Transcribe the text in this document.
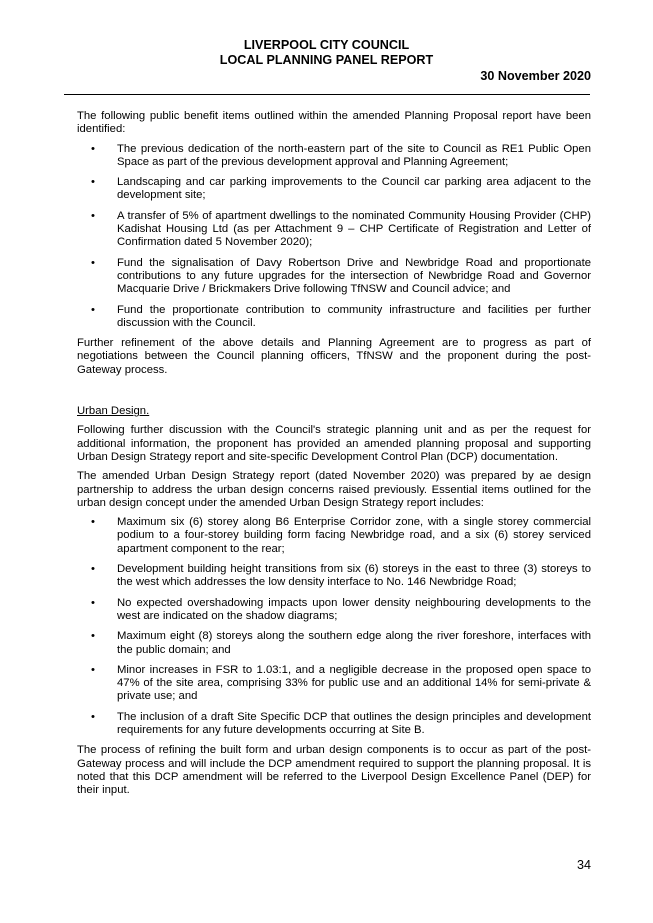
LIVERPOOL CITY COUNCIL
LOCAL PLANNING PANEL REPORT
30 November 2020

The following public benefit items outlined within the amended Planning Proposal report have been identified:

• The previous dedication of the north-eastern part of the site to Council as RE1 Public Open Space as part of the previous development approval and Planning Agreement;
• Landscaping and car parking improvements to the Council car parking area adjacent to the development site;
• A transfer of 5% of apartment dwellings to the nominated Community Housing Provider (CHP) Kadishat Housing Ltd (as per Attachment 9 – CHP Certificate of Registration and Letter of Confirmation dated 5 November 2020);
• Fund the signalisation of Davy Robertson Drive and Newbridge Road and proportionate contributions to any future upgrades for the intersection of Newbridge Road and Governor Macquarie Drive / Brickmakers Drive following TfNSW and Council advice; and
• Fund the proportionate contribution to community infrastructure and facilities per further discussion with the Council.

Further refinement of the above details and Planning Agreement are to progress as part of negotiations between the Council planning officers, TfNSW and the proponent during the post-Gateway process.

Urban Design.

Following further discussion with the Council's strategic planning unit and as per the request for additional information, the proponent has provided an amended planning proposal and supporting Urban Design Strategy report and site-specific Development Control Plan (DCP) documentation.

The amended Urban Design Strategy report (dated November 2020) was prepared by ae design partnership to address the urban design concerns raised previously. Essential items outlined for the urban design concept under the amended Urban Design Strategy report includes:

• Maximum six (6) storey along B6 Enterprise Corridor zone, with a single storey commercial podium to a four-storey building form facing Newbridge road, and a six (6) storey serviced apartment component to the rear;
• Development building height transitions from six (6) storeys in the east to three (3) storeys to the west which addresses the low density interface to No. 146 Newbridge Road;
• No expected overshadowing impacts upon lower density neighbouring developments to the west are indicated on the shadow diagrams;
• Maximum eight (8) storeys along the southern edge along the river foreshore, interfaces with the public domain; and
• Minor increases in FSR to 1.03:1, and a negligible decrease in the proposed open space to 47% of the site area, comprising 33% for public use and an additional 14% for semi-private & private use; and
• The inclusion of a draft Site Specific DCP that outlines the design principles and development requirements for any future developments occurring at Site B.

The process of refining the built form and urban design components is to occur as part of the post-Gateway process and will include the DCP amendment required to support the planning proposal. It is noted that this DCP amendment will be referred to the Liverpool Design Excellence Panel (DEP) for their input.

34
